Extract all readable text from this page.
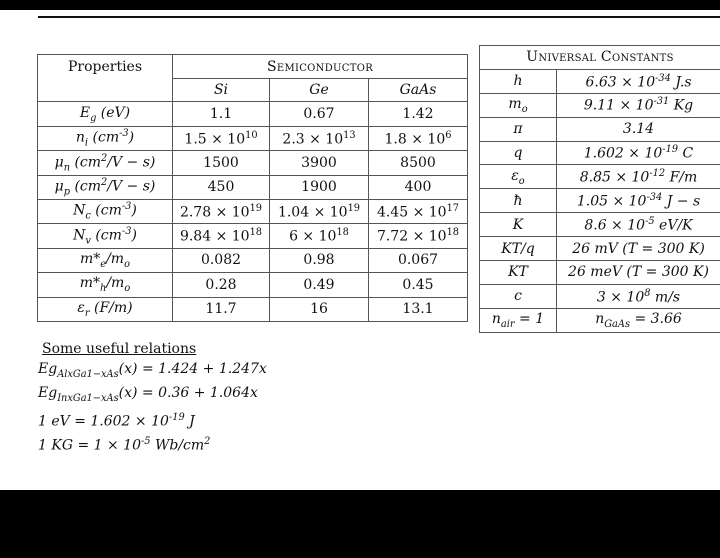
Properties	Semiconductor		
	Si	Ge	GaAs
$E_g$ (eV)	1.1	0.67	1.42
$n_i$ $(cm^{-3})$	$1.5 \times 10^{10}$	$2.3 \times 10^{13}$	$1.8 \times 10^6$
$\mu_n$ $(cm^2/V - s)$	1500	3900	8500
$\mu_p$ $(cm^2/V - s)$	450	1900	400
$N_c$ $(cm^{-3})$	$2.78 \times 10^{19}$	$1.04 \times 10^{19}$	$4.45 \times 10^{17}$
$N_v$ $(cm^{-3})$	$9.84 \times 10^{18}$	$6 \times 10^{18}$	$7.72 \times 10^{18}$
$m*_e/m_o$	0.082	0.98	0.067
$m*_h/m_o$	0.28	0.49	0.45
$\varepsilon_r$ (F/m)	11.7	16	13.1
Universal Constants	
h	$6.63 \times 10^{-34}$ J.s
$m_o$	$9.11 \times 10^{-31}$ Kg
π	3.14
q	$1.602 \times 10^{-19}$ C
$\varepsilon_o$	$8.85 \times 10^{-12}$ F/m
ħ	$1.05 \times 10^{-34}$ J − s
K	$8.6 \times 10^{-5}$ eV/K
KT/q	26 mV (T = 300 K)
KT	26 meV (T = 300 K)
c	$3 \times 10^8$ m/s
$n_{air} = 1$	$n_{GaAs} = 3.66$
Some useful relations
$Eg_{AlxGa1-xAs}(x) = 1.424 + 1.247x$
$Eg_{InxGa1-xAs}(x) = 0.36 + 1.064x$
1 eV = $1.602 \times 10^{-19}$ J
1 KG = $1 \times 10^{-5}$ $Wb/cm^2$
